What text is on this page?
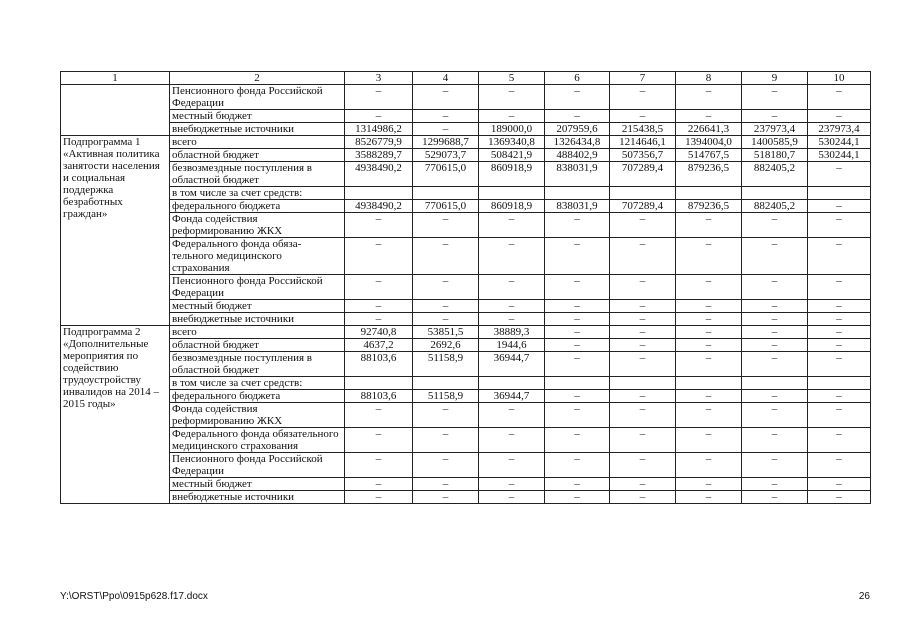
1	2	3	4	5	6	7	8	9	10
	Пенсионного фонда Российской Федерации	–	–	–	–	–	–	–	–
	местный бюджет	–	–	–	–	–	–	–	–
	внебюджетные источники	1314986,2	–	189000,0	207959,6	215438,5	226641,3	237973,4	237973,4
Подпрограмма 1 «Активная политика занятости населения и социальная поддержка безработных граждан»	всего	8526779,9	1299688,7	1369340,8	1326434,8	1214646,1	1394004,0	1400585,9	530244,1
	областной бюджет	3588289,7	529073,7	508421,9	488402,9	507356,7	514767,5	518180,7	530244,1
	безвозмездные поступления в областной бюджет	4938490,2	770615,0	860918,9	838031,9	707289,4	879236,5	882405,2	–
	в том числе за счет средств:								
	федерального бюджета	4938490,2	770615,0	860918,9	838031,9	707289,4	879236,5	882405,2	–
	Фонда содействия реформированию ЖКХ	–	–	–	–	–	–	–	–
	Федерального фонда обяза-тельного медицинского страхования	–	–	–	–	–	–	–	–
	Пенсионного фонда Российской Федерации	–	–	–	–	–	–	–	–
	местный бюджет	–	–	–	–	–	–	–	–
	внебюджетные источники	–	–	–	–	–	–	–	–
Подпрограмма 2 «Дополнительные мероприятия по содействию трудоустройству инвалидов на 2014 – 2015 годы»	всего	92740,8	53851,5	38889,3	–	–	–	–	–
	областной бюджет	4637,2	2692,6	1944,6	–	–	–	–	–
	безвозмездные поступления в областной бюджет	88103,6	51158,9	36944,7	–	–	–	–	–
	в том числе за счет средств:								
	федерального бюджета	88103,6	51158,9	36944,7	–	–	–	–	–
	Фонда содействия реформированию ЖКХ	–	–	–	–	–	–	–	–
	Федерального фонда обязательного медицинского страхования	–	–	–	–	–	–	–	–
	Пенсионного фонда Российской Федерации	–	–	–	–	–	–	–	–
	местный бюджет	–	–	–	–	–	–	–	–
	внебюджетные источники	–	–	–	–	–	–	–	–
Y:\ORST\Ppo\0915p628.f17.docx	26
